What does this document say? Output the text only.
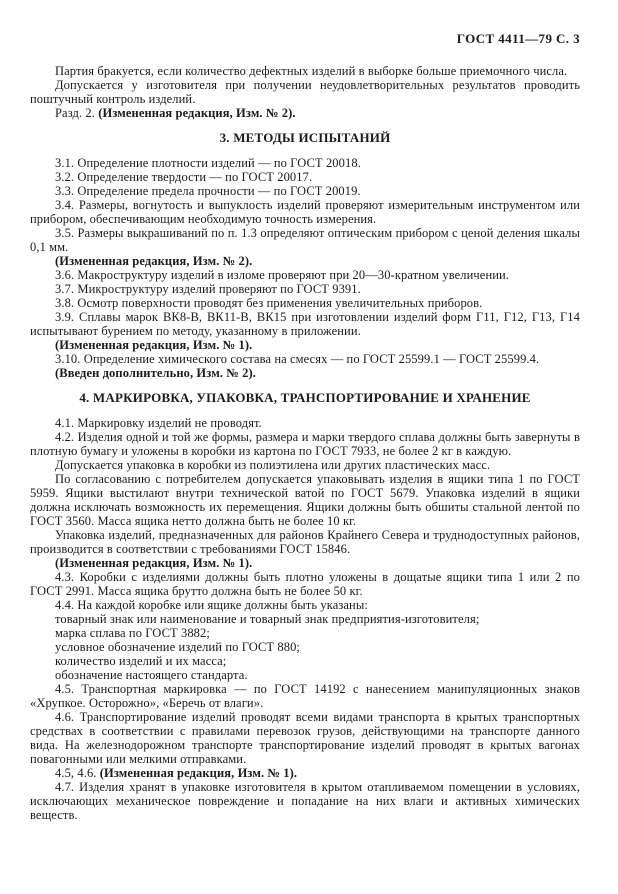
ГОСТ 4411—79 С. 3

Партия бракуется, если количество дефектных изделий в выборке больше приемочного числа.

Допускается у изготовителя при получении неудовлетворительных результатов проводить поштучный контроль изделий.

Разд. 2. (Измененная редакция, Изм. № 2).

3. МЕТОДЫ ИСПЫТАНИЙ

3.1. Определение плотности изделий — по ГОСТ 20018.

3.2. Определение твердости — по ГОСТ 20017.

3.3. Определение предела прочности — по ГОСТ 20019.

3.4. Размеры, вогнутость и выпуклость изделий проверяют измерительным инструментом или прибором, обеспечивающим необходимую точность измерения.

3.5. Размеры выкрашиваний по п. 1.3 определяют оптическим прибором с ценой деления шкалы 0,1 мм.

(Измененная редакция, Изм. № 2).

3.6. Макроструктуру изделий в изломе проверяют при 20—30-кратном увеличении.

3.7. Микроструктуру изделий проверяют по ГОСТ 9391.

3.8. Осмотр поверхности проводят без применения увеличительных приборов.

3.9. Сплавы марок ВК8-В, ВК11-В, ВК15 при изготовлении изделий форм Г11, Г12, Г13, Г14 испытывают бурением по методу, указанному в приложении.

(Измененная редакция, Изм. № 1).

3.10. Определение химического состава на смесях — по ГОСТ 25599.1 — ГОСТ 25599.4.

(Введен дополнительно, Изм. № 2).

4. МАРКИРОВКА, УПАКОВКА, ТРАНСПОРТИРОВАНИЕ И ХРАНЕНИЕ

4.1. Маркировку изделий не проводят.

4.2. Изделия одной и той же формы, размера и марки твердого сплава должны быть завернуты в плотную бумагу и уложены в коробки из картона по ГОСТ 7933, не более 2 кг в каждую.

Допускается упаковка в коробки из полиэтилена или других пластических масс.

По согласованию с потребителем допускается упаковывать изделия в ящики типа 1 по ГОСТ 5959. Ящики выстилают внутри технической ватой по ГОСТ 5679. Упаковка изделий в ящики должна исключать возможность их перемещения. Ящики должны быть обшиты стальной лентой по ГОСТ 3560. Масса ящика нетто должна быть не более 10 кг.

Упаковка изделий, предназначенных для районов Крайнего Севера и труднодоступных районов, производится в соответствии с требованиями ГОСТ 15846.

(Измененная редакция, Изм. № 1).

4.3. Коробки с изделиями должны быть плотно уложены в дощатые ящики типа 1 или 2 по ГОСТ 2991. Масса ящика брутто должна быть не более 50 кг.

4.4. На каждой коробке или ящике должны быть указаны:

товарный знак или наименование и товарный знак предприятия-изготовителя;

марка сплава по ГОСТ 3882;

условное обозначение изделий по ГОСТ 880;

количество изделий и их масса;

обозначение настоящего стандарта.

4.5. Транспортная маркировка — по ГОСТ 14192 с нанесением манипуляционных знаков «Хрупкое. Осторожно», «Беречь от влаги».

4.6. Транспортирование изделий проводят всеми видами транспорта в крытых транспортных средствах в соответствии с правилами перевозок грузов, действующими на транспорте данного вида. На железнодорожном транспорте транспортирование изделий проводят в крытых вагонах повагонными или мелкими отправками.

4.5, 4.6. (Измененная редакция, Изм. № 1).

4.7. Изделия хранят в упаковке изготовителя в крытом отапливаемом помещении в условиях, исключающих механическое повреждение и попадание на них влаги и активных химических веществ.
